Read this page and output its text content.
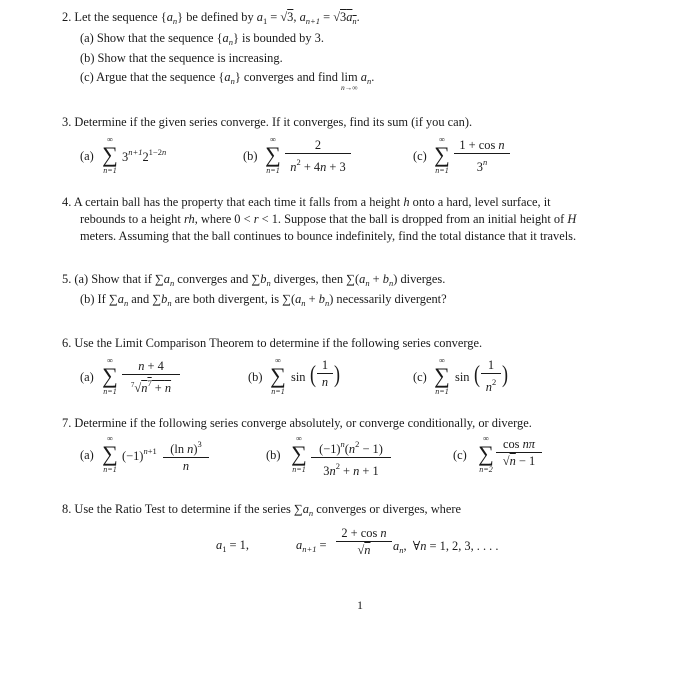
2. Let the sequence $\{a_n\}$ be defined by $a_1 = √3$, $a_{n+1} = √3a_n$.
(a) Show that the sequence $\{a_n\}$ is bounded by 3.
(b) Show that the sequence is increasing.
(c) Argue that the sequence $\{a_n\}$ converges and find lim

n→∞
$a_n$.
3. Determine if the given series converge. If it converges, find its sum (if you can).
(a)
∞
∑
n=1
$3^{n+1}2^{1-2n}$	(b)
∞
∑
$n=1 \frac{2}{n^2 + 4n + 3}$	(c)
∞
∑
$n=1 \frac{\text{1 + cos n}}{3^n}$
4. A certain ball has the property that each time it falls from a height h onto a hard, level surface, it
rebounds to a height rh, where 0 < r < 1. Suppose that the ball is dropped from an initial height of H
meters. Assuming that the ball continues to bounce indefinitely, find the total distance that it travels.
5. (a) Show that if $\sum a_n$ converges and $\sum b_n$ diverges, then $\sum(a_n + b_n)$ diverges.
(b) If $\sum a_n$ and $\sum b_n$ are both divergent, is $\sum(a_n + b_n)$ necessarily divergent?
6. Use the Limit Comparison Theorem to determine if the following series converge.
(a)
∞
∑
$n=1 \frac{n + 4}{^7√n^7 + n}$	(b)
∞
∑
n=1
sin ( $\frac{1}{n}$ )	(c)
∞
∑
n=1
sin ( $\frac{1}{n^2}$ )
7. Determine if the following series converge absolutely, or converge conditionally, or diverge.
(a)
∞
∑
n=1
$(-1)^{n+1} \frac{(\ln n)^3}{n}$	(b)
∞
∑
$n=1 \frac{(-1)^n(n^2 - 1)}{3n^2 + n + 1}$	(c)
∞
∑
n=2
$\frac{\text{cos nπ}}{√n - 1}$
8. Use the Ratio Test to determine if the series $\sum a_n$ converges or diverges, where
$a_1 = 1$,	$a_{n+1} = \frac{\text{2 + cos n}}{√n} a_n$,  ∀n = 1, 2, 3, . . . .
1
